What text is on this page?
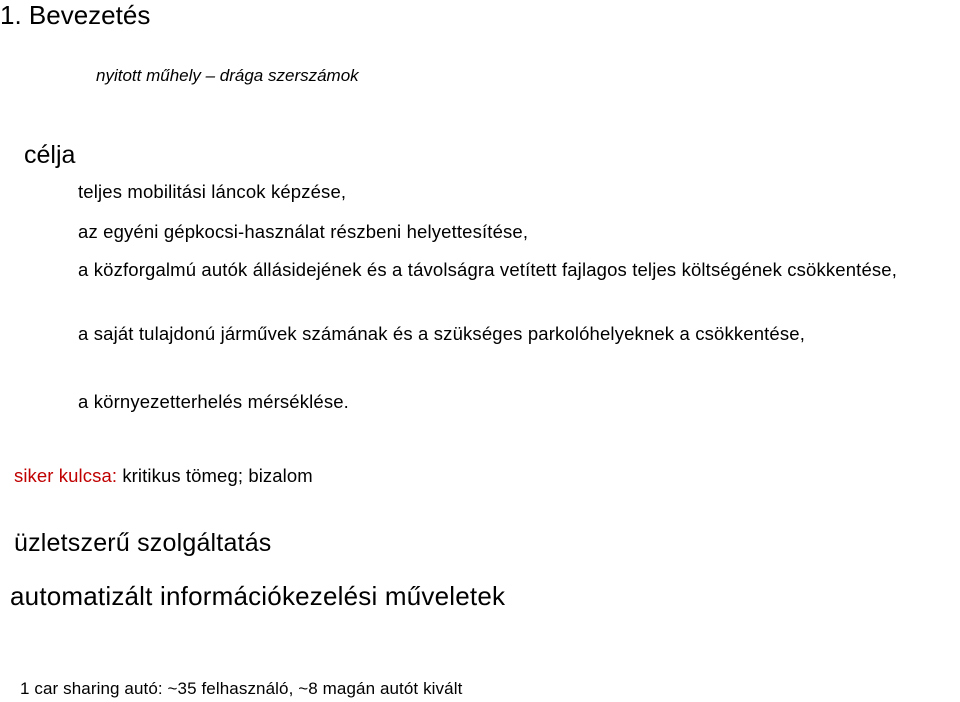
1. Bevezetés
nyitott műhely – drága szerszámok
célja
teljes mobilitási láncok képzése,
az egyéni gépkocsi-használat részbeni helyettesítése,
a közforgalmú autók állásidejének és a távolságra vetített fajlagos teljes költségének csökkentése,
a saját tulajdonú járművek számának és a szükséges parkolóhelyeknek a csökkentése,
a környezetterhelés mérséklése.
siker kulcsa: kritikus tömeg; bizalom
üzletszerű szolgáltatás
automatizált információkezelési műveletek
1 car sharing autó: ~35 felhasználó, ~8 magán autót kivált
